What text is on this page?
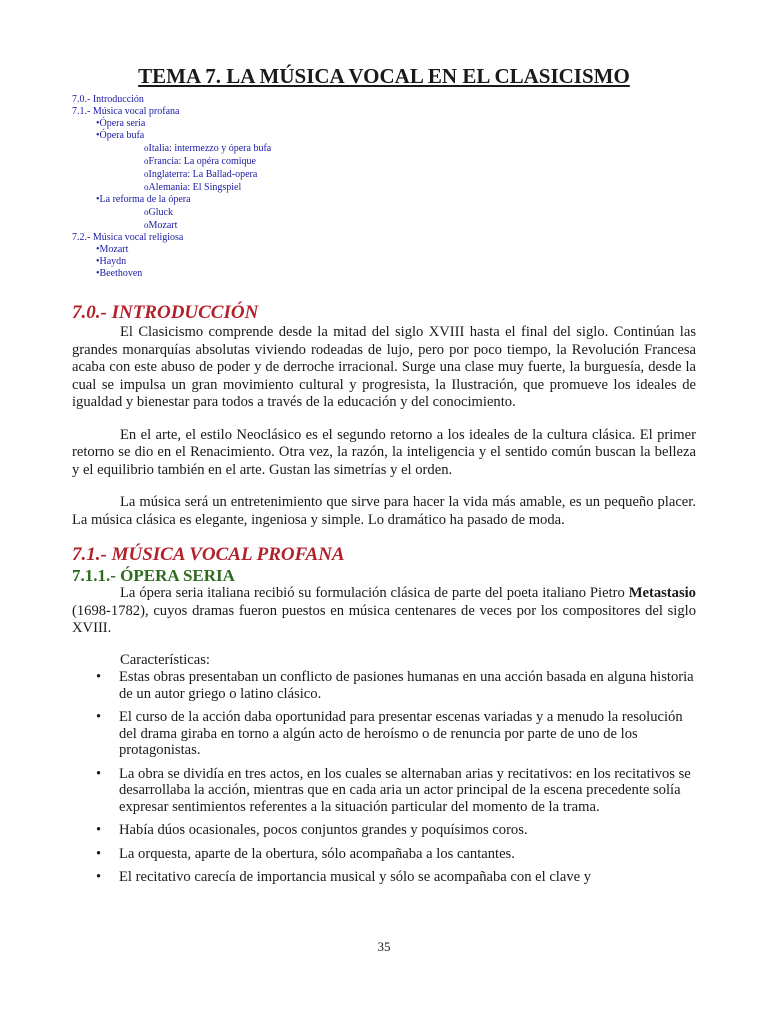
TEMA 7. LA MÚSICA VOCAL EN EL CLASICISMO
7.0.- Introducción
7.1.- Música vocal profana
• Ópera seria
• Ópera bufa
o Italia: intermezzo y ópera bufa
o Francia: La opéra comique
o Inglaterra: La Ballad-opera
o Alemania: El Singspiel
• La reforma de la ópera
o Gluck
o Mozart
7.2.- Música vocal religiosa
• Mozart
• Haydn
• Beethoven
7.0.- INTRODUCCIÓN

El Clasicismo comprende desde la mitad del siglo XVIII hasta el final del siglo. Continúan las grandes monarquías absolutas viviendo rodeadas de lujo, pero por poco tiempo, la Revolución Francesa acaba con este abuso de poder y de derroche irracional. Surge una clase muy fuerte, la burguesía, desde la cual se impulsa un gran movimiento cultural y progresista, la Ilustración, que promueve los ideales de igualdad y bienestar para todos a través de la educación y del conocimiento.

En el arte, el estilo Neoclásico es el segundo retorno a los ideales de la cultura clásica. El primer retorno se dio en el Renacimiento. Otra vez, la razón, la inteligencia y el sentido común buscan la belleza y el equilibrio también en el arte. Gustan las simetrías y el orden.

La música será un entretenimiento que sirve para hacer la vida más amable, es un pequeño placer. La música clásica es elegante, ingeniosa y simple. Lo dramático ha pasado de moda.

7.1.- MÚSICA VOCAL PROFANA
7.1.1.- ÓPERA SERIA

La ópera seria italiana recibió su formulación clásica de parte del poeta italiano Pietro Metastasio (1698-1782), cuyos dramas fueron puestos en música centenares de veces por los compositores del siglo XVIII.

Características:
• Estas obras presentaban un conflicto de pasiones humanas en una acción basada en alguna historia de un autor griego o latino clásico.
• El curso de la acción daba oportunidad para presentar escenas variadas y a menudo la resolución del drama giraba en torno a algún acto de heroísmo o de renuncia por parte de uno de los protagonistas.
• La obra se dividía en tres actos, en los cuales se alternaban arias y recitativos: en los recitativos se desarrollaba la acción, mientras que en cada aria un actor principal de la escena precedente solía expresar sentimientos referentes a la situación particular del momento de la trama.
• Había dúos ocasionales, pocos conjuntos grandes y poquísimos coros.
• La orquesta, aparte de la obertura, sólo acompañaba a los cantantes.
• El recitativo carecía de importancia musical y sólo se acompañaba con el clave y
35
